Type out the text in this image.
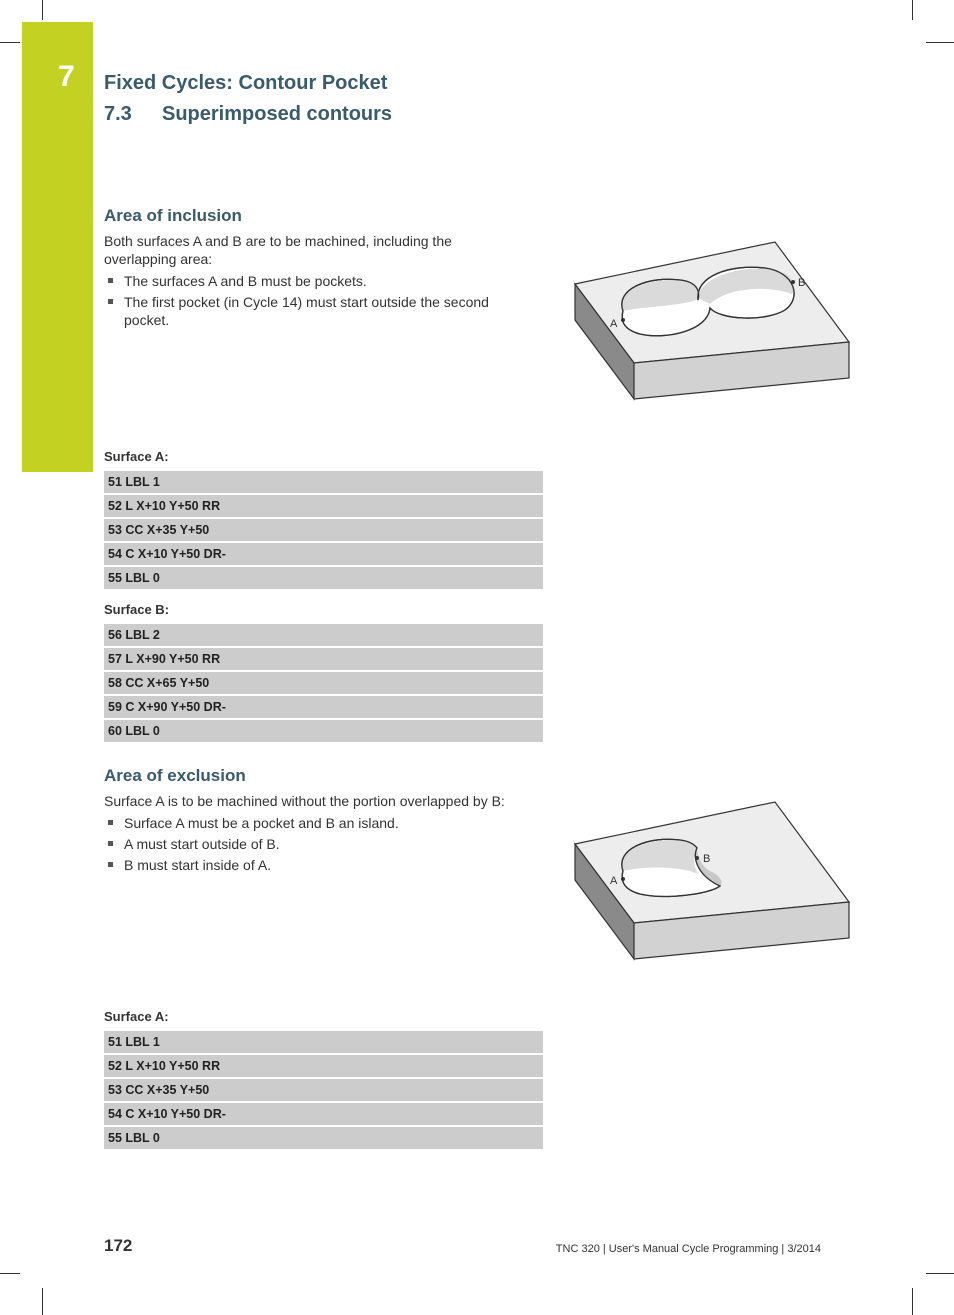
7 Fixed Cycles: Contour Pocket
7.3 Superimposed contours
Area of inclusion
Both surfaces A and B are to be machined, including the overlapping area:
The surfaces A and B must be pockets.
The first pocket (in Cycle 14) must start outside the second pocket.	A
B
Surface A:
51 LBL 1
52 L X+10 Y+50 RR
53 CC X+35 Y+50
54 C X+10 Y+50 DR-
55 LBL 0
Surface B:
56 LBL 2
57 L X+90 Y+50 RR
58 CC X+65 Y+50
59 C X+90 Y+50 DR-
60 LBL 0
Area of exclusion
Surface A is to be machined without the portion overlapped by B:
Surface A must be a pocket and B an island.
A must start outside of B.
B must start inside of A.
A
B
Surface A:
51 LBL 1
52 L X+10 Y+50 RR
53 CC X+35 Y+50
54 C X+10 Y+50 DR-
55 LBL 0
172	TNC 320 | User's Manual Cycle Programming | 3/2014
